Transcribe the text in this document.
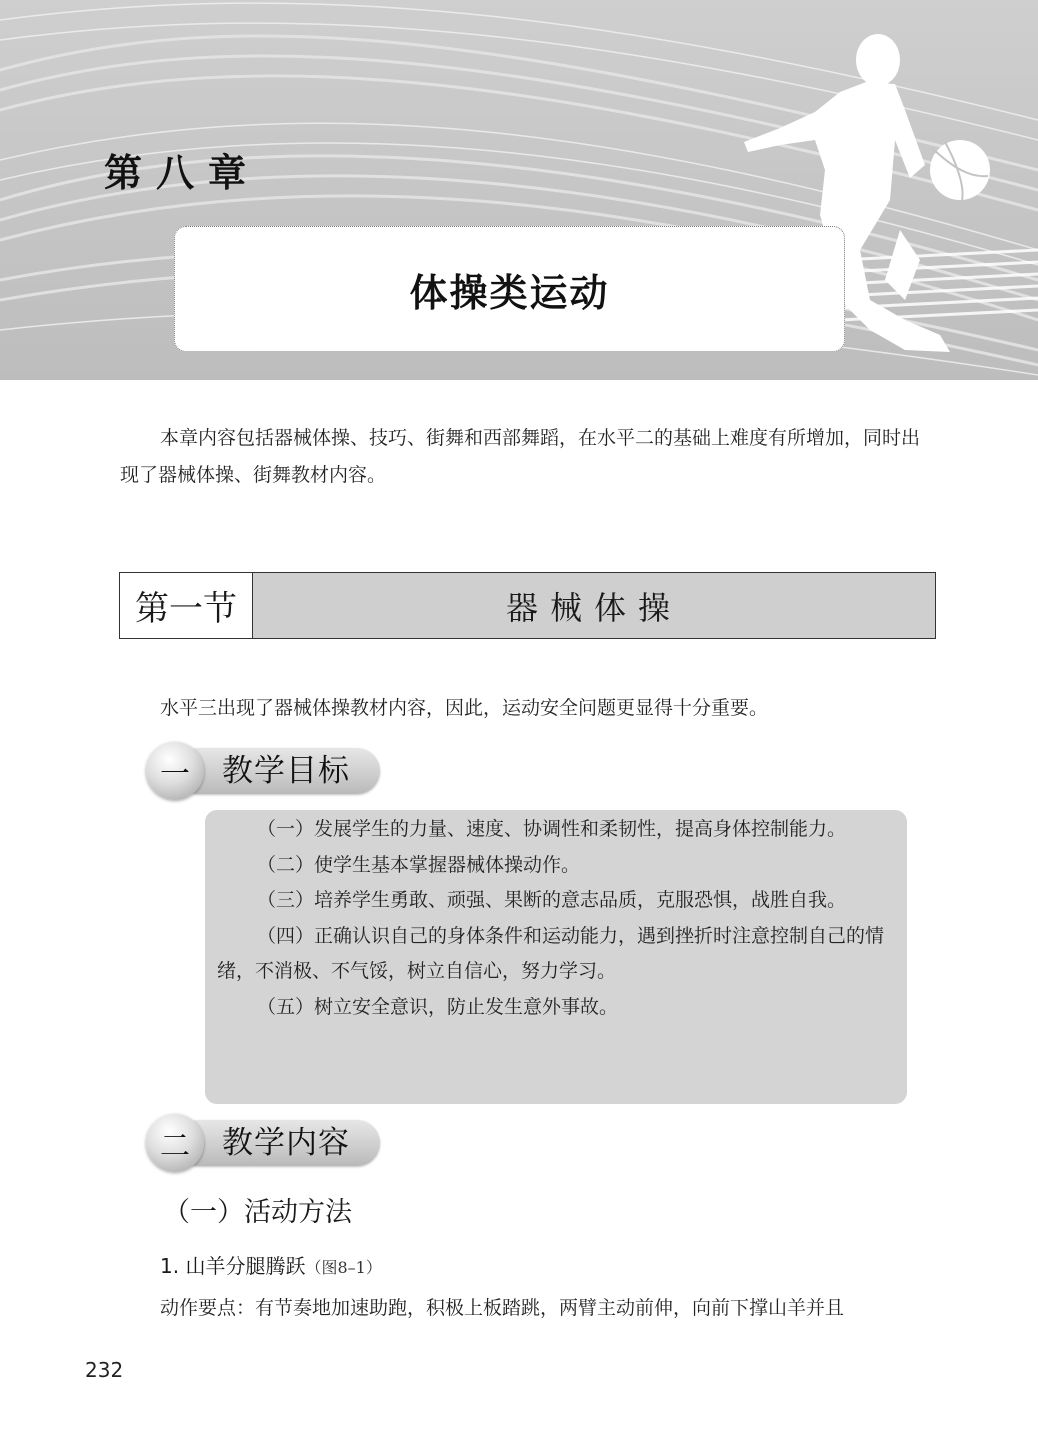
第八章
体操类运动
本章内容包括器械体操、技巧、街舞和西部舞蹈，在水平二的基础上难度有所增加，同时出现了器械体操、街舞教材内容。
第一节	器械体操
水平三出现了器械体操教材内容，因此，运动安全问题更显得十分重要。
一	教学目标
（一）发展学生的力量、速度、协调性和柔韧性，提高身体控制能力。
（二）使学生基本掌握器械体操动作。
（三）培养学生勇敢、顽强、果断的意志品质，克服恐惧，战胜自我。
（四）正确认识自己的身体条件和运动能力，遇到挫折时注意控制自己的情绪，不消极、不气馁，树立自信心，努力学习。
（五）树立安全意识，防止发生意外事故。
二	教学内容
（一）活动方法
1. 山羊分腿腾跃（图8–1）
动作要点：有节奏地加速助跑，积极上板踏跳，两臂主动前伸，向前下撑山羊并且
232
